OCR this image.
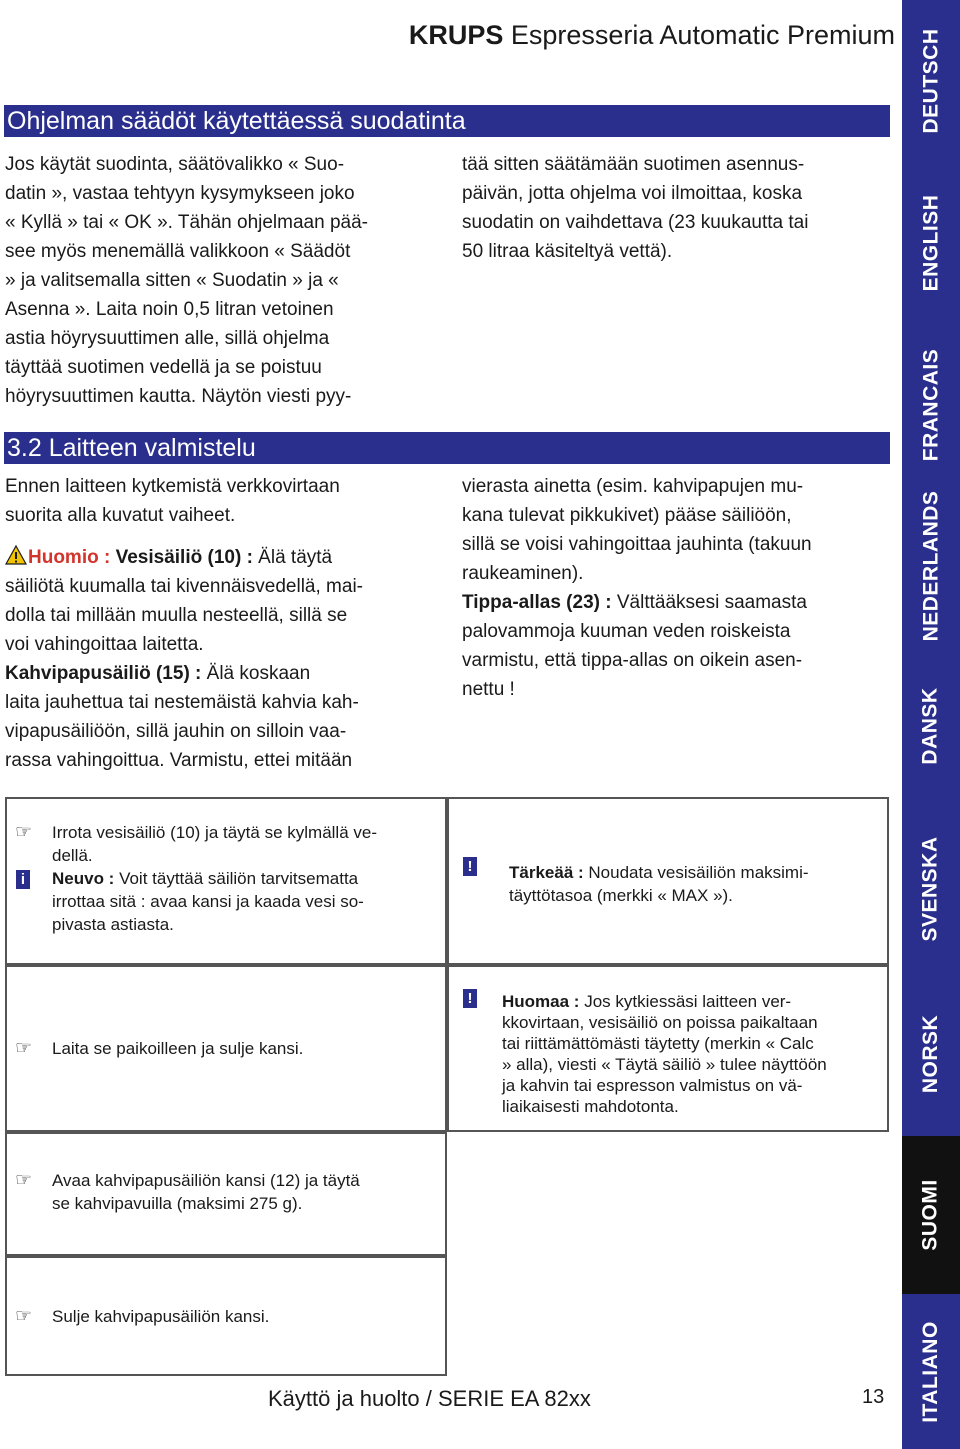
KRUPS Espresseria Automatic Premium
Ohjelman säädöt käytettäessä suodatinta
Jos käytät suodinta, säätövalikko « Suo-
datin », vastaa tehtyyn kysymykseen joko
« Kyllä » tai « OK ». Tähän ohjelmaan pää-
see myös menemällä valikkoon « Säädöt
» ja valitsemalla sitten « Suodatin » ja «
Asenna ». Laita noin 0,5 litran vetoinen
astia höyrysuuttimen alle, sillä ohjelma
täyttää suotimen vedellä ja se poistuu
höyrysuuttimen kautta. Näytön viesti pyy-
tää sitten säätämään suotimen asennus-
päivän, jotta ohjelma voi ilmoittaa, koska
suodatin on vaihdettava (23 kuukautta tai
50 litraa käsiteltyä vettä).
3.2 Laitteen valmistelu
Ennen laitteen kytkemistä verkkovirtaan
suorita alla kuvatut vaiheet.
Huomio : Vesisäiliö (10) : Älä täytä
säiliötä kuumalla tai kivennäisvedellä, mai-
dolla tai millään muulla nesteellä, sillä se
voi vahingoittaa laitetta.
Kahvipapusäiliö (15) : Älä koskaan
laita jauhettua tai nestemäistä kahvia kah-
vipapusäiliöön, sillä jauhin on silloin vaa-
rassa vahingoittua. Varmistu, ettei mitään
vierasta ainetta (esim. kahvipapujen mu-
kana tulevat pikkukivet) pääse säiliöön,
sillä se voisi vahingoittaa jauhinta (takuun
raukeaminen).
Tippa-allas (23) : Välttääksesi saamasta
palovammoja kuuman veden roiskeista
varmistu, että tippa-allas on oikein asen-
nettu !
☞ Irrota vesisäiliö (10) ja täytä se kylmällä ve-
dellä.
Neuvo : Voit täyttää säiliön tarvitsematta
irrottaa sitä : avaa kansi ja kaada vesi so-
pivasta astiasta.
i
! Tärkeää : Noudata vesisäiliön maksimi-
täyttötasoa (merkki « MAX »).
☞ Laita se paikoilleen ja sulje kansi.
! Huomaa : Jos kytkiessäsi laitteen ver-
kkovirtaan, vesisäiliö on poissa paikaltaan
tai riittämättömästi täytetty (merkin « Calc
» alla), viesti « Täytä säiliö » tulee näyttöön
ja kahvin tai espresson valmistus on vä-
liaikaisesti mahdotonta.
☞ Avaa kahvipapusäiliön kansi (12) ja täytä
se kahvipavuilla (maksimi 275 g).
☞ Sulje kahvipapusäiliön kansi.
Käyttö ja huolto / SERIE EA 82xx	13
DEUTSCH
ENGLISH
FRANCAIS
NEDERLANDS
DANSK
SVENSKA
NORSK
SUOMI
ITALIANO
